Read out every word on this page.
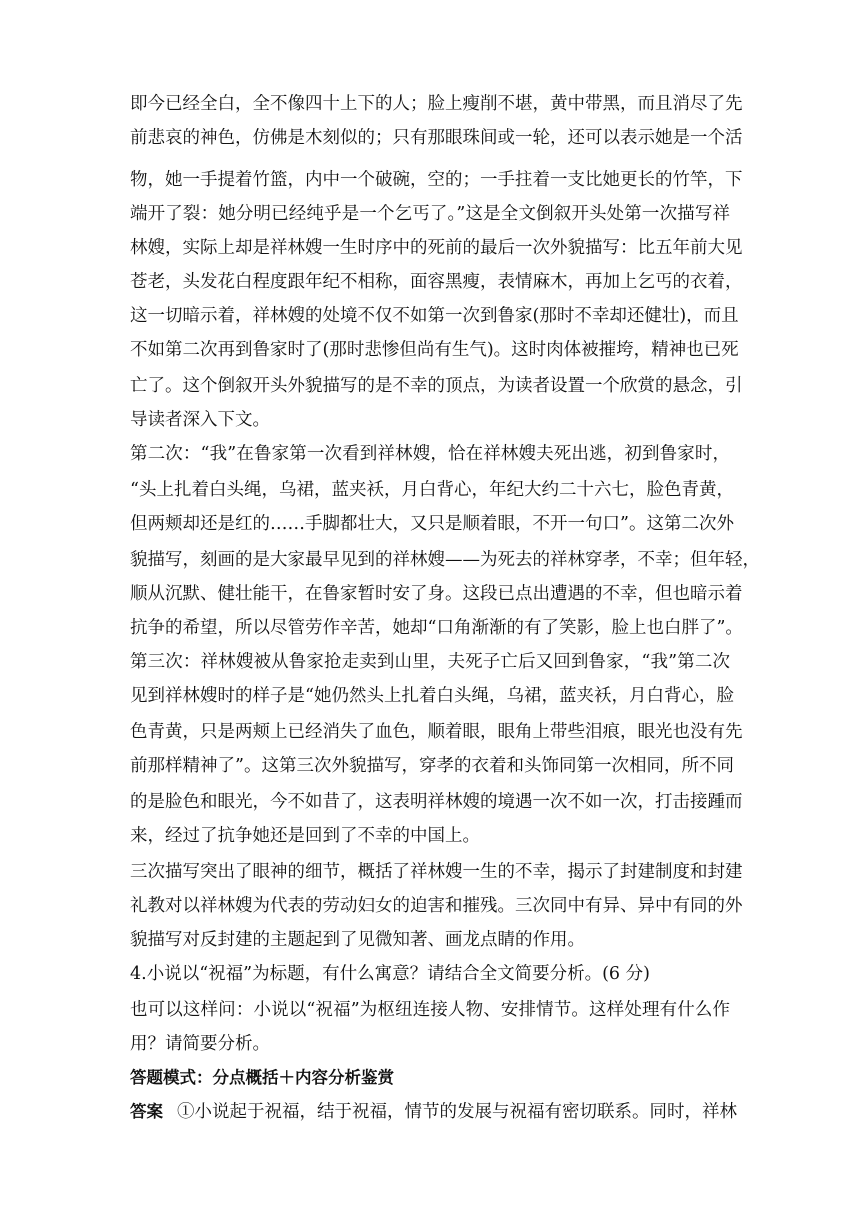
即今已经全白，全不像四十上下的人；脸上瘦削不堪，黄中带黑，而且消尽了先
前悲哀的神色，仿佛是木刻似的；只有那眼珠间或一轮，还可以表示她是一个活
物，她一手提着竹篮，内中一个破碗，空的；一手拄着一支比她更长的竹竿，下
端开了裂：她分明已经纯乎是一个乞丐了。”这是全文倒叙开头处第一次描写祥
林嫂，实际上却是祥林嫂一生时序中的死前的最后一次外貌描写：比五年前大见
苍老，头发花白程度跟年纪不相称，面容黑瘦，表情麻木，再加上乞丐的衣着，
这一切暗示着，祥林嫂的处境不仅不如第一次到鲁家(那时不幸却还健壮)，而且
不如第二次再到鲁家时了(那时悲惨但尚有生气)。这时肉体被摧垮，精神也已死
亡了。这个倒叙开头外貌描写的是不幸的顶点，为读者设置一个欣赏的悬念，引
导读者深入下文。
第二次：“我”在鲁家第一次看到祥林嫂，恰在祥林嫂夫死出逃，初到鲁家时，
“头上扎着白头绳，乌裙，蓝夹袄，月白背心，年纪大约二十六七，脸色青黄，
但两颊却还是红的……手脚都壮大，又只是顺着眼，不开一句口”。这第二次外
貌描写，刻画的是大家最早见到的祥林嫂——为死去的祥林穿孝，不幸；但年轻，
顺从沉默、健壮能干，在鲁家暂时安了身。这段已点出遭遇的不幸，但也暗示着
抗争的希望，所以尽管劳作辛苦，她却“口角渐渐的有了笑影，脸上也白胖了”。
第三次：祥林嫂被从鲁家抢走卖到山里，夫死子亡后又回到鲁家，“我”第二次
见到祥林嫂时的样子是“她仍然头上扎着白头绳，乌裙，蓝夹袄，月白背心，脸
色青黄，只是两颊上已经消失了血色，顺着眼，眼角上带些泪痕，眼光也没有先
前那样精神了”。这第三次外貌描写，穿孝的衣着和头饰同第一次相同，所不同
的是脸色和眼光，今不如昔了，这表明祥林嫂的境遇一次不如一次，打击接踵而
来，经过了抗争她还是回到了不幸的中国上。
三次描写突出了眼神的细节，概括了祥林嫂一生的不幸，揭示了封建制度和封建
礼教对以祥林嫂为代表的劳动妇女的迫害和摧残。三次同中有异、异中有同的外
貌描写对反封建的主题起到了见微知著、画龙点睛的作用。
4.小说以“祝福”为标题，有什么寓意？请结合全文简要分析。(6 分)
也可以这样问：小说以“祝福”为枢纽连接人物、安排情节。这样处理有什么作
用？请简要分析。
答题模式：分点概括＋内容分析鉴赏
答案 ①小说起于祝福，结于祝福，情节的发展与祝福有密切联系。同时，祥林
